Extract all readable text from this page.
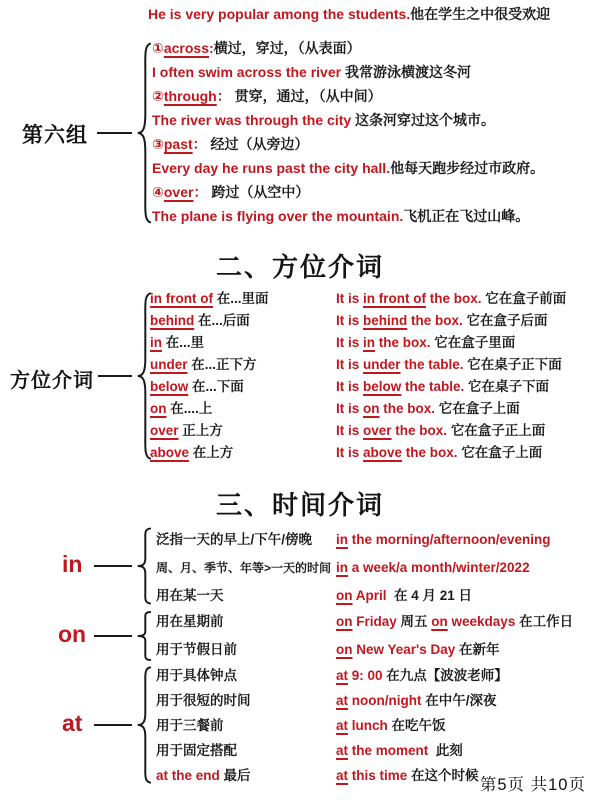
He is very popular among the students.他在学生之中很受欢迎
第六组
①across:横过，穿过，（从表面）
I often swim across the river 我常游泳横渡这冬河
②through： 贯穿，通过，（从中间）
The river was through the city 这条河穿过这个城市。
③past： 经过（从旁边）
Every day he runs past the city hall.他每天跑步经过市政府。
④over： 跨过（从空中）
The plane is flying over the mountain.飞机正在飞过山峰。
二、方位介词
方位介词
in front of 在...里面	It is in front of the box. 它在盒子前面
behind 在...后面	It is behind the box. 它在盒子后面
in 在...里	It is in the box. 它在盒子里面
under 在...正下方	It is under the table. 它在桌子正下面
below 在...下面	It is below the table. 它在桌子下面
on 在....上	It is on the box. 它在盒子上面
over 正上方	It is over the box. 它在盒子正上面
above 在上方	It is above the box. 它在盒子上面
三、时间介词
in
泛指一天的早上/下午/傍晚	in the morning/afternoon/evening
周、月、季节、年等>一天的时间 in a week/a month/winter/2022
用在某一天	on April  在 4 月 21 日
on	用在星期前	on Friday 周五 on weekdays 在工作日
用于节假日前	on New Year's Day 在新年
at
用于具体钟点	at 9: 00 在九点【波波老师】
用于很短的时间	at noon/night 在中午/深夜
用于三餐前	at lunch 在吃午饭
用于固定搭配	at the moment  此刻
at the end 最后	at this time 在这个时候
第5页 共10页
